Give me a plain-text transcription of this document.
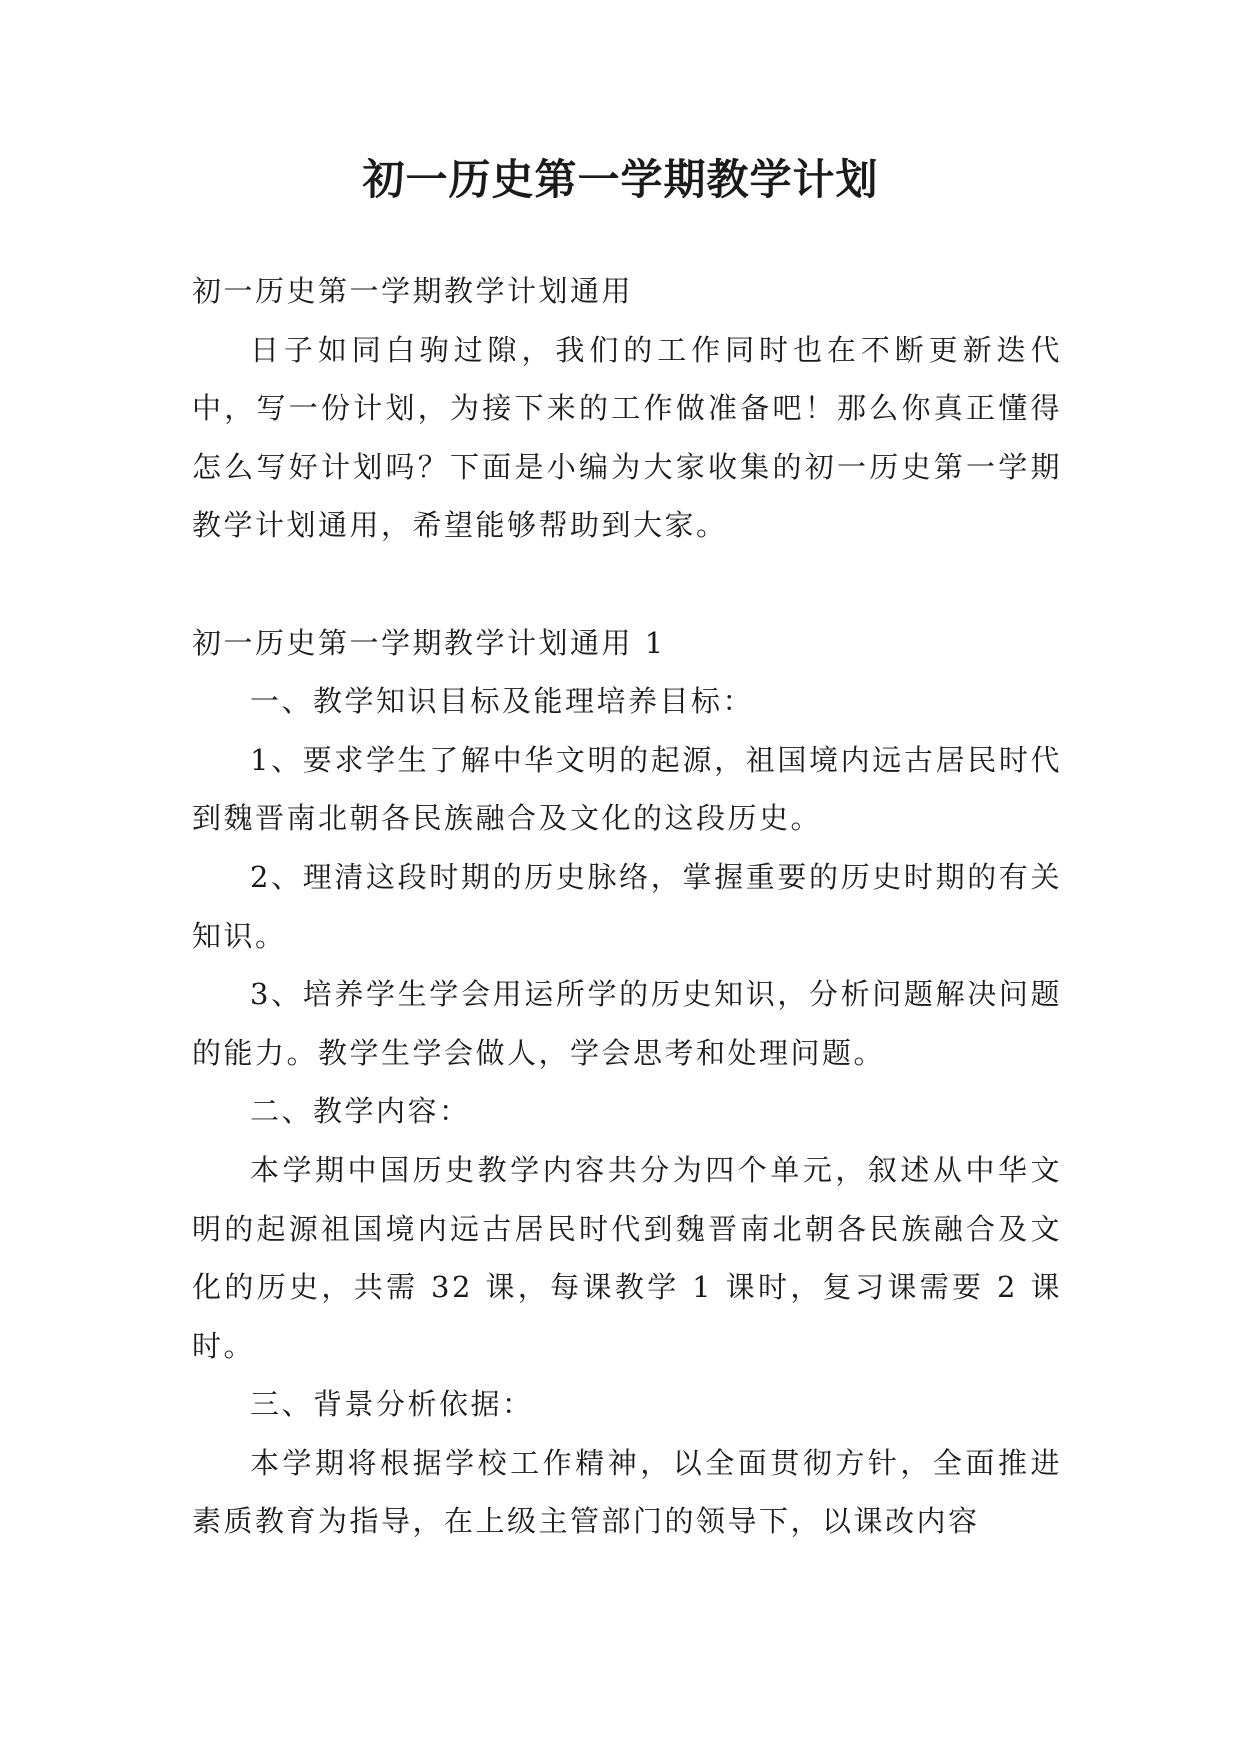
初一历史第一学期教学计划

初一历史第一学期教学计划通用

日子如同白驹过隙，我们的工作同时也在不断更新迭代中，写一份计划，为接下来的工作做准备吧！那么你真正懂得怎么写好计划吗？下面是小编为大家收集的初一历史第一学期教学计划通用，希望能够帮助到大家。

初一历史第一学期教学计划通用 1

一、教学知识目标及能理培养目标：

1、要求学生了解中华文明的起源，祖国境内远古居民时代到魏晋南北朝各民族融合及文化的这段历史。

2、理清这段时期的历史脉络，掌握重要的历史时期的有关知识。

3、培养学生学会用运所学的历史知识，分析问题解决问题的能力。教学生学会做人，学会思考和处理问题。

二、教学内容：

本学期中国历史教学内容共分为四个单元，叙述从中华文明的起源祖国境内远古居民时代到魏晋南北朝各民族融合及文化的历史，共需 32 课，每课教学 1 课时，复习课需要 2 课时。

三、背景分析依据：

本学期将根据学校工作精神，以全面贯彻方针，全面推进素质教育为指导，在上级主管部门的领导下，以课改内容
